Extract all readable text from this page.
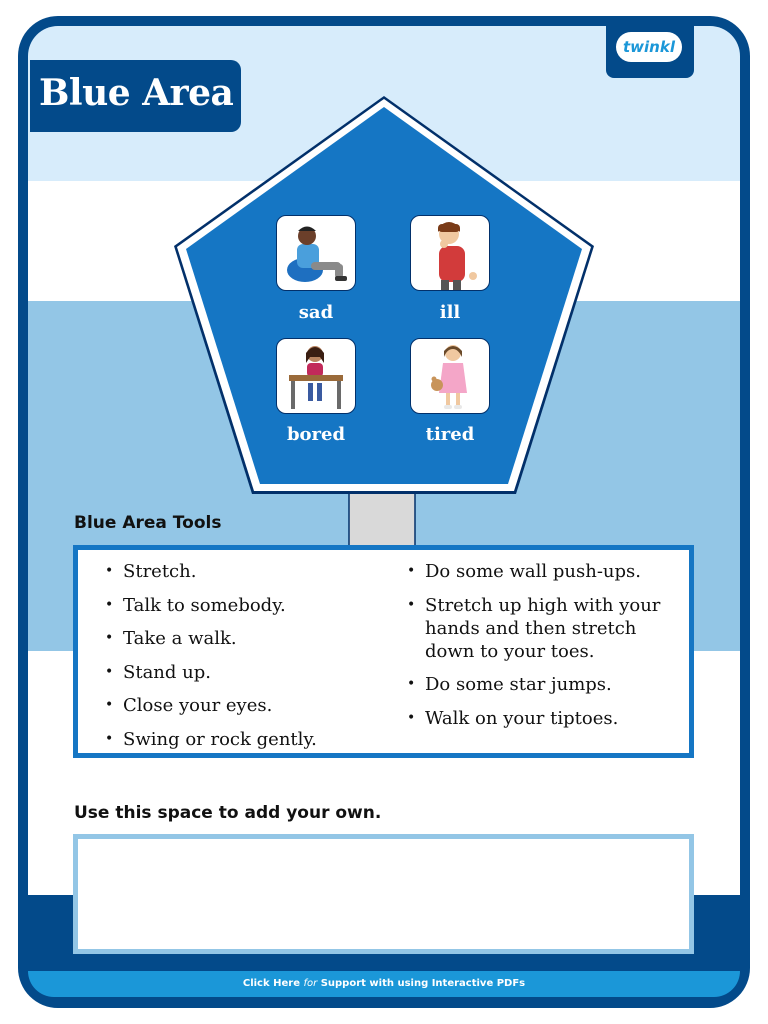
Click Here for Support with using Interactive PDFs
Blue Area
twinkl
sad	ill
bored	tired
Blue Area Tools
• Stretch.
• Talk to somebody.
• Take a walk.
• Stand up.
• Close your eyes.
• Swing or rock gently.
• Do some wall push-ups.
• Stretch up high with your hands and then stretch down to your toes.
• Do some star jumps.
• Walk on your tiptoes.
Use this space to add your own.
